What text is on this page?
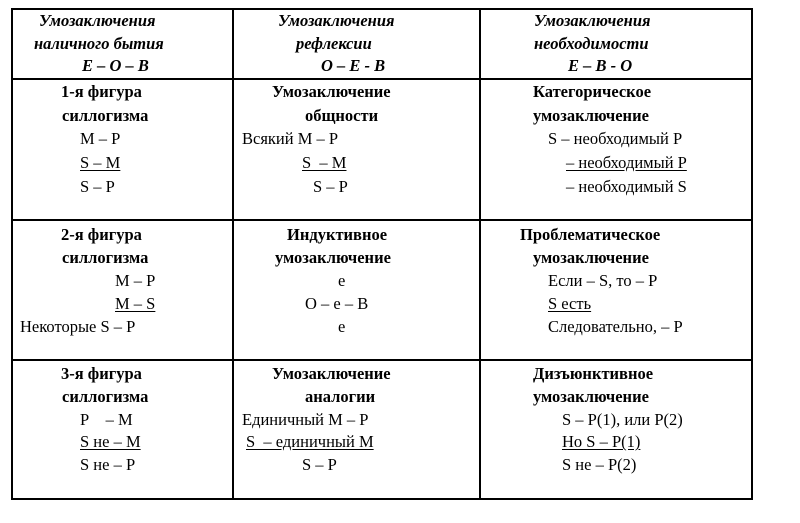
Умозаключения
наличного бытия
Е – О – В
Умозаключения
рефлексии
О – Е - В
Умозаключения
необходимости
Е – В - О
1-я фигура
силлогизма
М – Р
S – M
S – P
Умозаключение
общности
Всякий М – Р
S  – M
S – P
Категорическое
умозаключение
S – необходимый Р
– необходимый Р
– необходимый S
2-я фигура
силлогизма
М – Р
M – S
Некоторые S – P
Индуктивное
умозаключение
е
О – е – В
е
Проблематическое
умозаключение
Если – S, то – Р
S есть
Следовательно, – Р
3-я фигура
силлогизма
Р    – М
S не – M
S не – Р
Умозаключение
аналогии
Единичный М – Р
S  – единичный М
S – P
Дизъюнктивное
умозаключение
S – P(1), или Р(2)
Но S – P(1)
S не – P(2)
